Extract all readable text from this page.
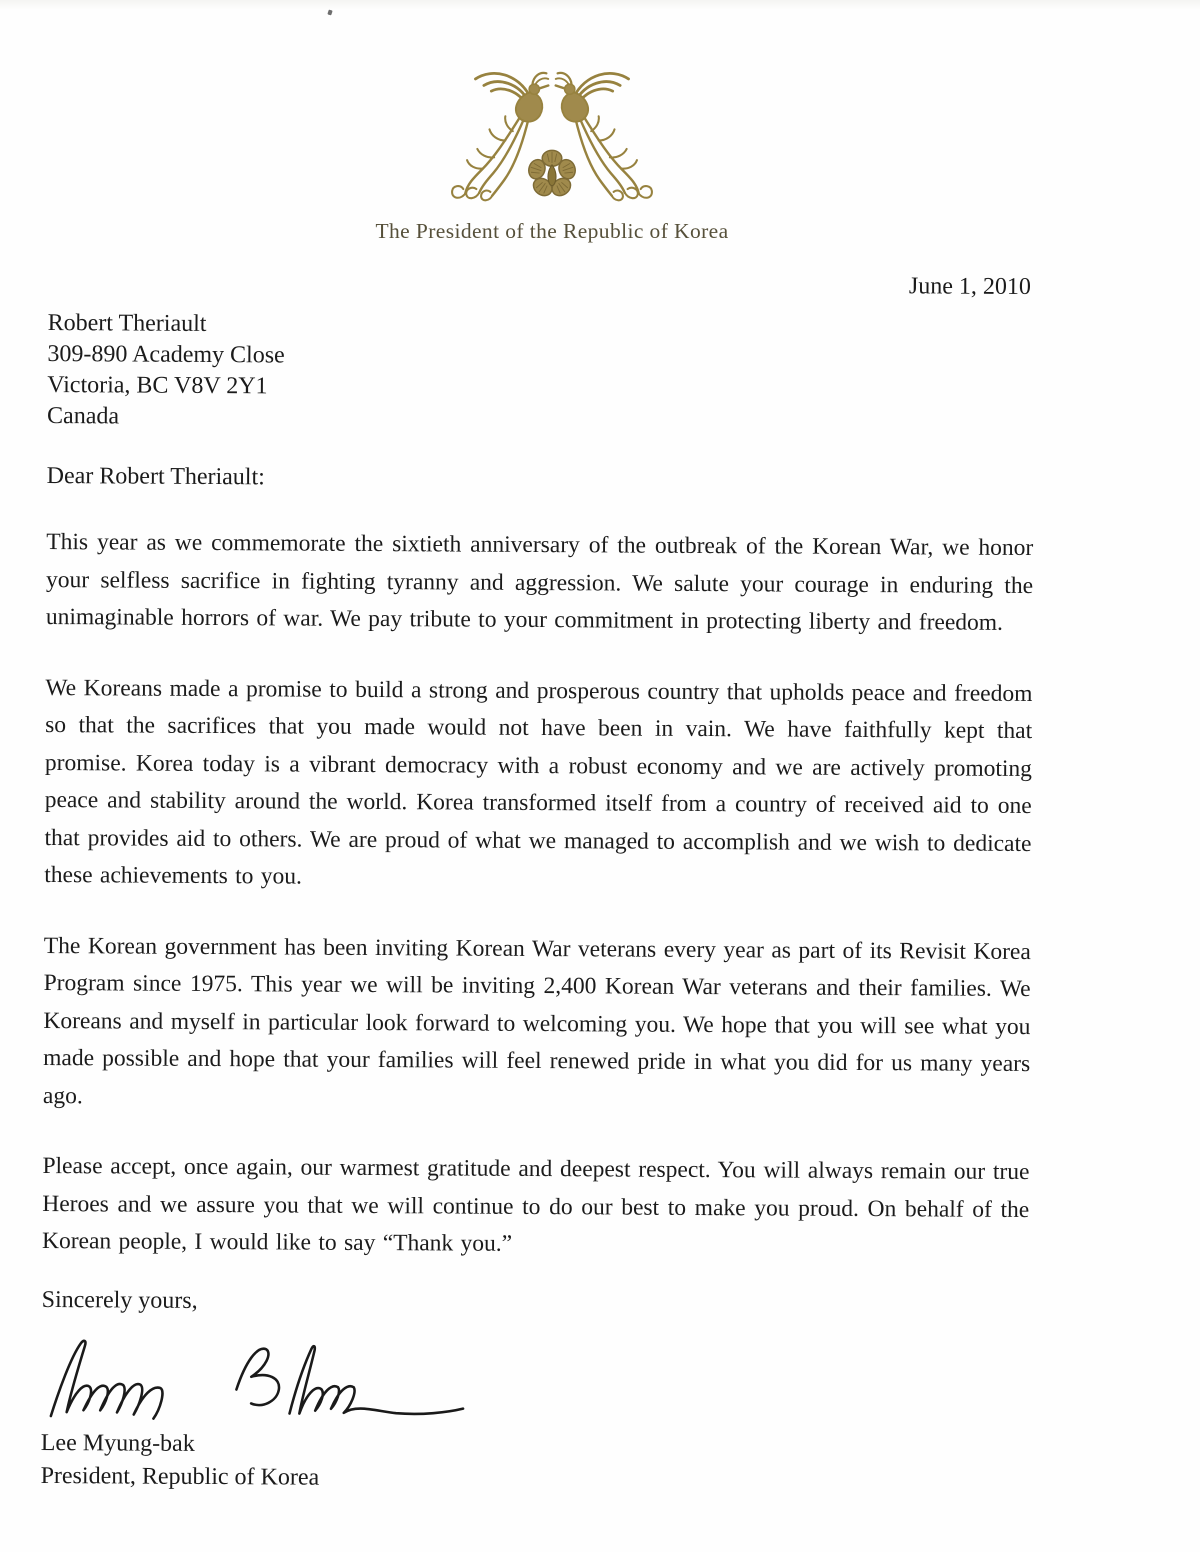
The President of the Republic of Korea
June 1, 2010
Robert Theriault
309-890 Academy Close
Victoria, BC V8V 2Y1
Canada
Dear Robert Theriault:

This year as we commemorate the sixtieth anniversary of the outbreak of the Korean War, we honor your selfless sacrifice in fighting tyranny and aggression. We salute your courage in enduring the unimaginable horrors of war. We pay tribute to your commitment in protecting liberty and freedom.

We Koreans made a promise to build a strong and prosperous country that upholds peace and freedom so that the sacrifices that you made would not have been in vain. We have faithfully kept that promise. Korea today is a vibrant democracy with a robust economy and we are actively promoting peace and stability around the world. Korea transformed itself from a country of received aid to one that provides aid to others. We are proud of what we managed to accomplish and we wish to dedicate these achievements to you.

The Korean government has been inviting Korean War veterans every year as part of its Revisit Korea Program since 1975. This year we will be inviting 2,400 Korean War veterans and their families. We Koreans and myself in particular look forward to welcoming you. We hope that you will see what you made possible and hope that your families will feel renewed pride in what you did for us many years ago.

Please accept, once again, our warmest gratitude and deepest respect. You will always remain our true Heroes and we assure you that we will continue to do our best to make you proud. On behalf of the Korean people, I would like to say “Thank you.”

Sincerely yours,
Lee Myung-bak
President, Republic of Korea
